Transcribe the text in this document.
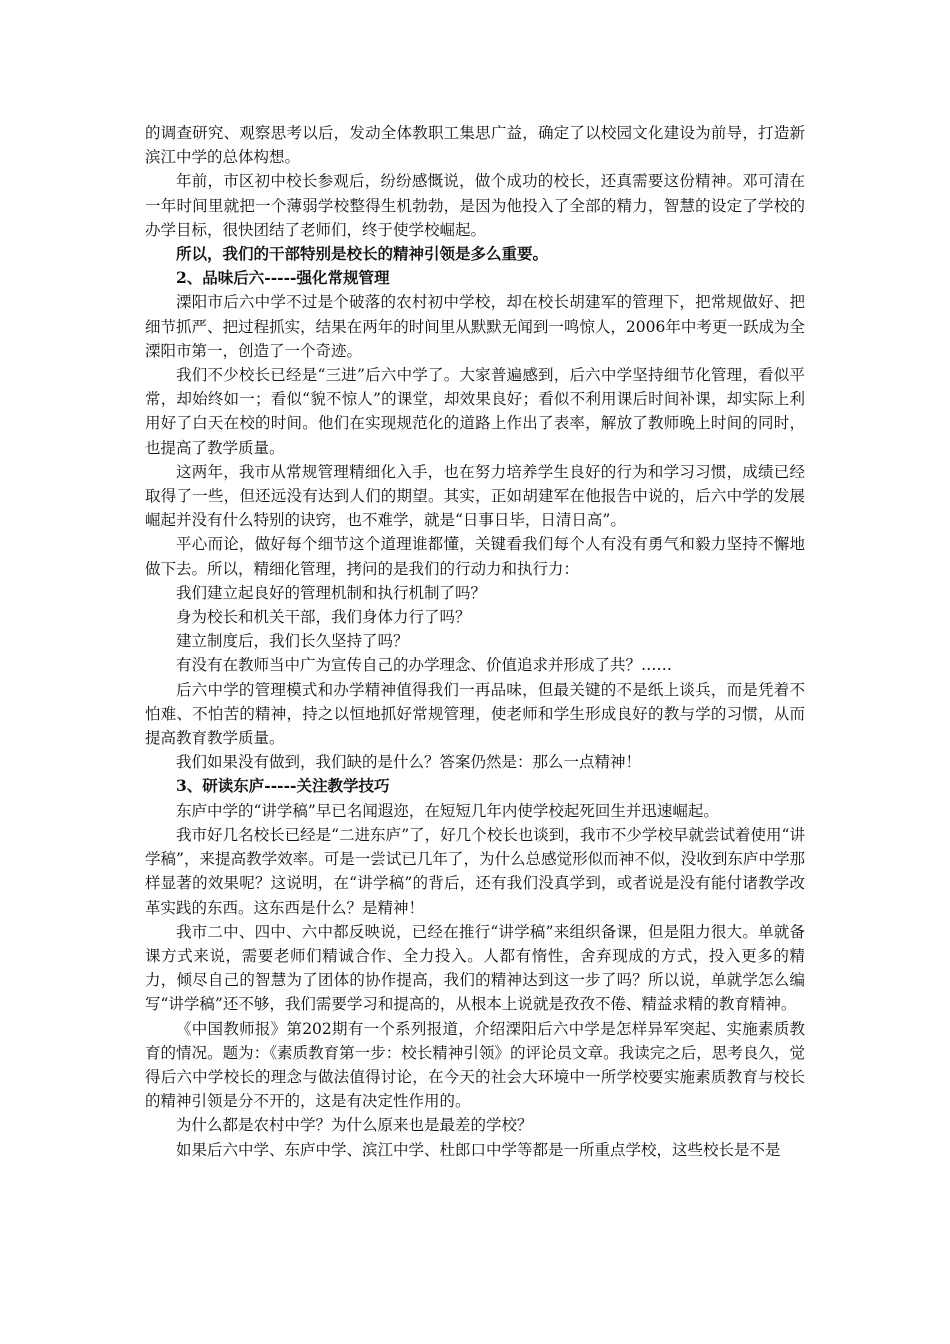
的调查研究、观察思考以后，发动全体教职工集思广益，确定了以校园文化建设为前导，打造新滨江中学的总体构想。

年前，市区初中校长参观后，纷纷感慨说，做个成功的校长，还真需要这份精神。邓可清在一年时间里就把一个薄弱学校整得生机勃勃，是因为他投入了全部的精力，智慧的设定了学校的办学目标，很快团结了老师们，终于使学校崛起。

所以，我们的干部特别是校长的精神引领是多么重要。

2、品味后六-----强化常规管理

溧阳市后六中学不过是个破落的农村初中学校，却在校长胡建军的管理下，把常规做好、把细节抓严、把过程抓实，结果在两年的时间里从默默无闻到一鸣惊人，2006年中考更一跃成为全溧阳市第一，创造了一个奇迹。

我们不少校长已经是“三进”后六中学了。大家普遍感到，后六中学坚持细节化管理，看似平常，却始终如一；看似“貌不惊人”的课堂，却效果良好；看似不利用课后时间补课，却实际上利用好了白天在校的时间。他们在实现规范化的道路上作出了表率，解放了教师晚上时间的同时，也提高了教学质量。

这两年，我市从常规管理精细化入手，也在努力培养学生良好的行为和学习习惯，成绩已经取得了一些，但还远没有达到人们的期望。其实，正如胡建军在他报告中说的，后六中学的发展崛起并没有什么特别的诀窍，也不难学，就是“日事日毕，日清日高”。

平心而论，做好每个细节这个道理谁都懂，关键看我们每个人有没有勇气和毅力坚持不懈地做下去。所以，精细化管理，拷问的是我们的行动力和执行力：

我们建立起良好的管理机制和执行机制了吗？

身为校长和机关干部，我们身体力行了吗？

建立制度后，我们长久坚持了吗？

有没有在教师当中广为宣传自己的办学理念、价值追求并形成了共？……

后六中学的管理模式和办学精神值得我们一再品味，但最关键的不是纸上谈兵，而是凭着不怕难、不怕苦的精神，持之以恒地抓好常规管理，使老师和学生形成良好的教与学的习惯，从而提高教育教学质量。

我们如果没有做到，我们缺的是什么？答案仍然是：那么一点精神！

3、研读东庐-----关注教学技巧

东庐中学的“讲学稿”早已名闻遐迩，在短短几年内使学校起死回生并迅速崛起。

我市好几名校长已经是“二进东庐”了，好几个校长也谈到，我市不少学校早就尝试着使用“讲学稿”，来提高教学效率。可是一尝试已几年了，为什么总感觉形似而神不似，没收到东庐中学那样显著的效果呢？这说明，在“讲学稿”的背后，还有我们没真学到，或者说是没有能付诸教学改革实践的东西。这东西是什么？是精神！

我市二中、四中、六中都反映说，已经在推行“讲学稿”来组织备课，但是阻力很大。单就备课方式来说，需要老师们精诚合作、全力投入。人都有惰性，舍弃现成的方式，投入更多的精力，倾尽自己的智慧为了团体的协作提高，我们的精神达到这一步了吗？所以说，单就学怎么编写“讲学稿”还不够，我们需要学习和提高的，从根本上说就是孜孜不倦、精益求精的教育精神。

《中国教师报》第202期有一个系列报道，介绍溧阳后六中学是怎样异军突起、实施素质教育的情况。题为：《素质教育第一步：校长精神引领》的评论员文章。我读完之后，思考良久，觉得后六中学校长的理念与做法值得讨论，在今天的社会大环境中一所学校要实施素质教育与校长的精神引领是分不开的，这是有决定性作用的。

为什么都是农村中学？为什么原来也是最差的学校？

如果后六中学、东庐中学、滨江中学、杜郎口中学等都是一所重点学校，这些校长是不是
